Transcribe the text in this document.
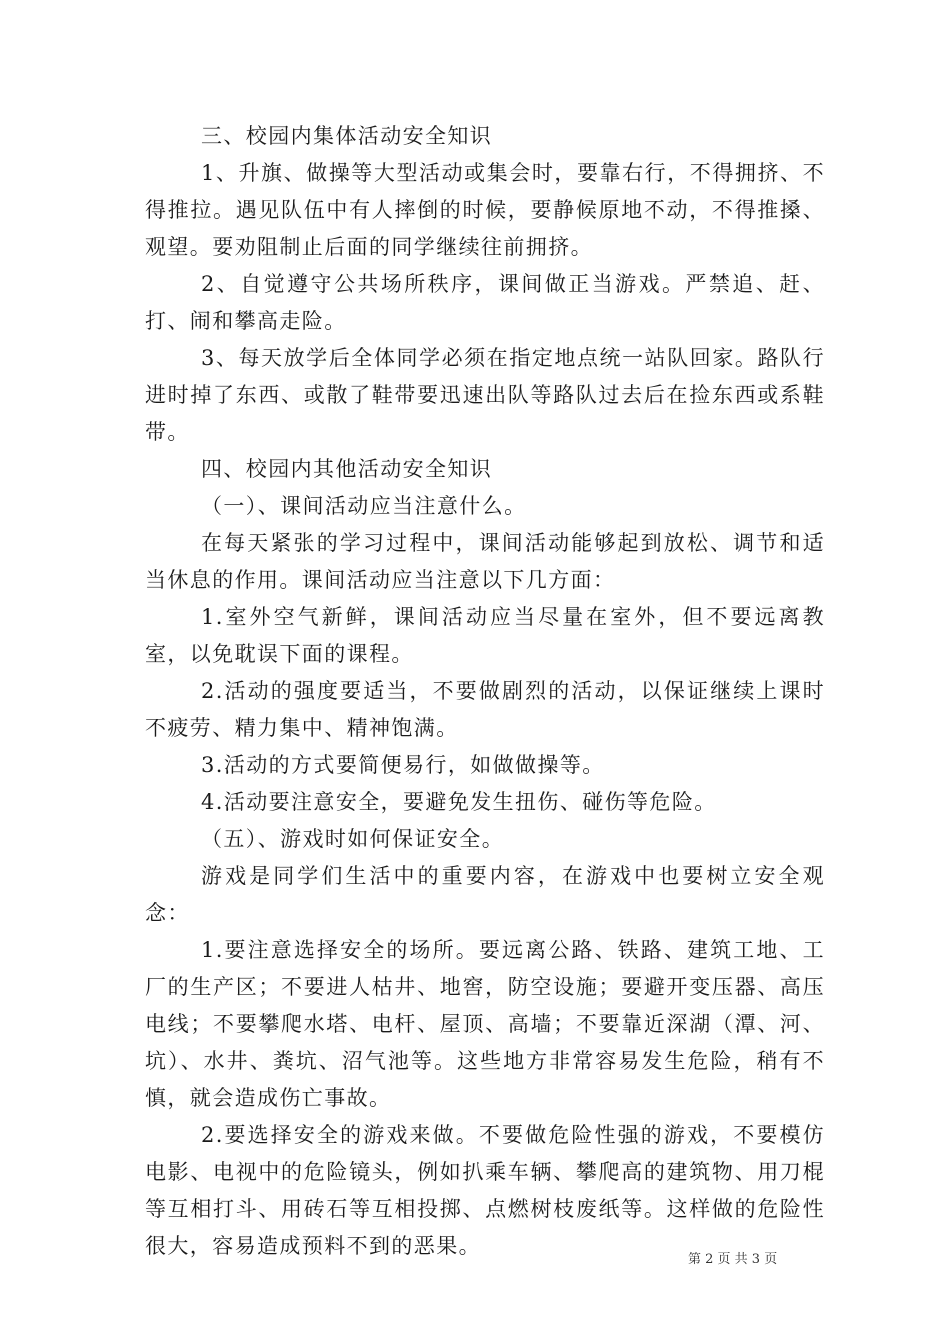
三、校园内集体活动安全知识

1、升旗、做操等大型活动或集会时，要靠右行，不得拥挤、不得推拉。遇见队伍中有人摔倒的时候，要静候原地不动，不得推搡、观望。要劝阻制止后面的同学继续往前拥挤。

2、自觉遵守公共场所秩序，课间做正当游戏。严禁追、赶、打、闹和攀高走险。

3、每天放学后全体同学必须在指定地点统一站队回家。路队行进时掉了东西、或散了鞋带要迅速出队等路队过去后在捡东西或系鞋带。

四、校园内其他活动安全知识

（一）、课间活动应当注意什么。

在每天紧张的学习过程中，课间活动能够起到放松、调节和适当休息的作用。课间活动应当注意以下几方面：

1.室外空气新鲜，课间活动应当尽量在室外，但不要远离教室，以免耽误下面的课程。

2.活动的强度要适当，不要做剧烈的活动，以保证继续上课时不疲劳、精力集中、精神饱满。

3.活动的方式要简便易行，如做做操等。

4.活动要注意安全，要避免发生扭伤、碰伤等危险。

（五）、游戏时如何保证安全。

游戏是同学们生活中的重要内容，在游戏中也要树立安全观念：

1.要注意选择安全的场所。要远离公路、铁路、建筑工地、工厂的生产区；不要进人枯井、地窖，防空设施；要避开变压器、高压电线；不要攀爬水塔、电杆、屋顶、高墙；不要靠近深湖（潭、河、坑）、水井、粪坑、沼气池等。这些地方非常容易发生危险，稍有不慎，就会造成伤亡事故。

2.要选择安全的游戏来做。不要做危险性强的游戏，不要模仿电影、电视中的危险镜头，例如扒乘车辆、攀爬高的建筑物、用刀棍等互相打斗、用砖石等互相投掷、点燃树枝废纸等。这样做的危险性很大，容易造成预料不到的恶果。

第 2 页 共 3 页
